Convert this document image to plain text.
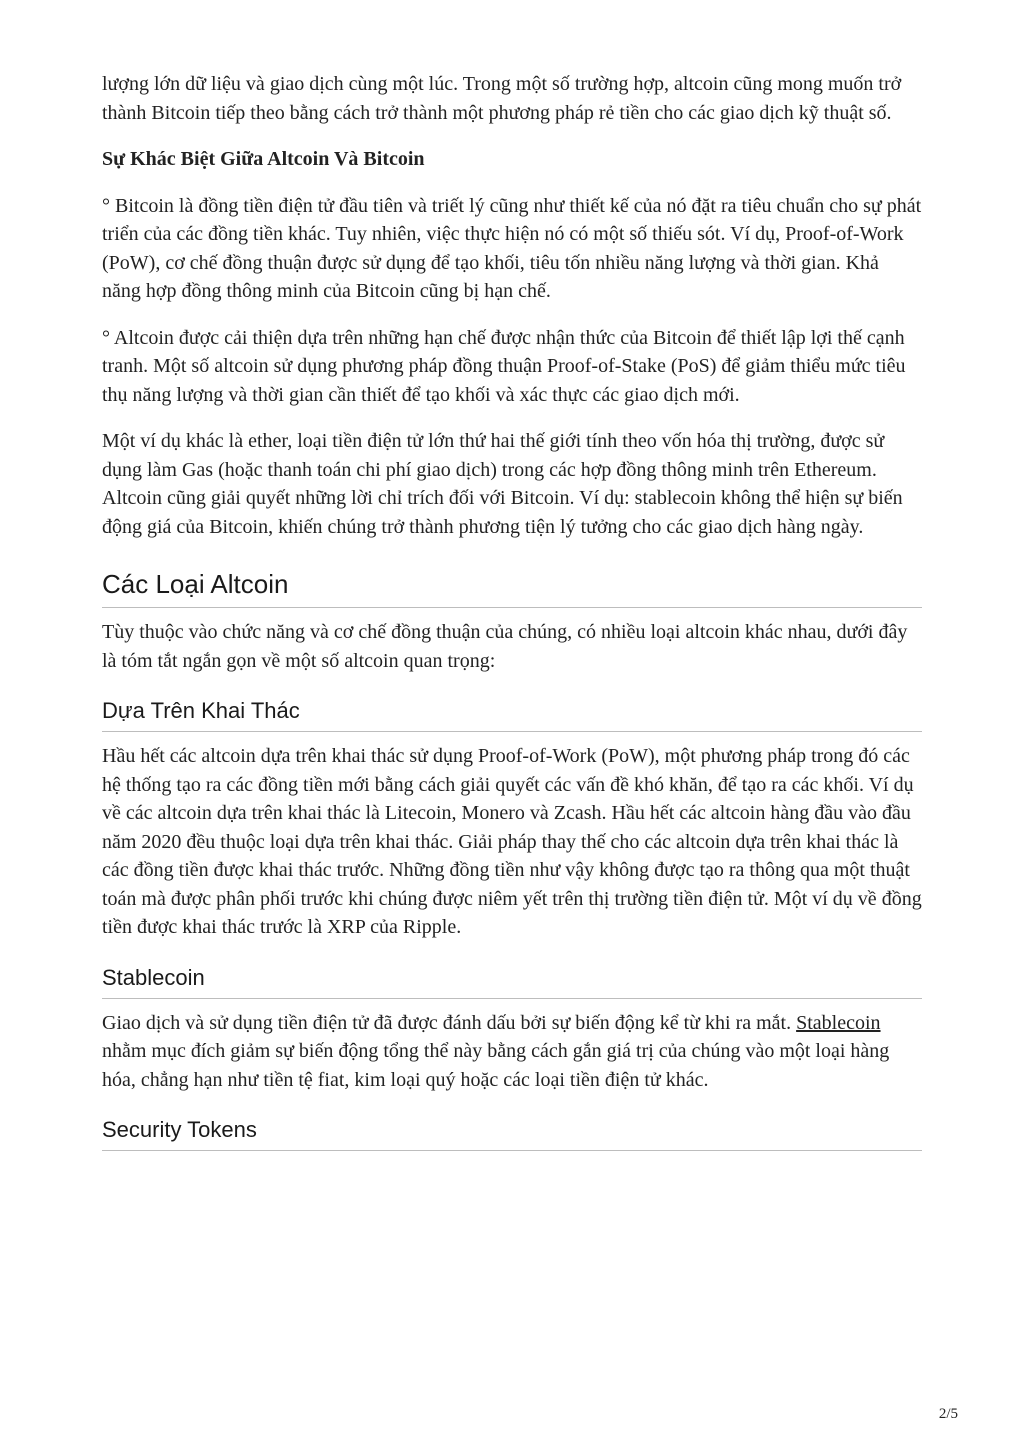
lượng lớn dữ liệu và giao dịch cùng một lúc. Trong một số trường hợp, altcoin cũng mong muốn trở thành Bitcoin tiếp theo bằng cách trở thành một phương pháp rẻ tiền cho các giao dịch kỹ thuật số.

Sự Khác Biệt Giữa Altcoin Và Bitcoin

° Bitcoin là đồng tiền điện tử đầu tiên và triết lý cũng như thiết kế của nó đặt ra tiêu chuẩn cho sự phát triển của các đồng tiền khác. Tuy nhiên, việc thực hiện nó có một số thiếu sót. Ví dụ, Proof-of-Work (PoW), cơ chế đồng thuận được sử dụng để tạo khối, tiêu tốn nhiều năng lượng và thời gian. Khả năng hợp đồng thông minh của Bitcoin cũng bị hạn chế.

° Altcoin được cải thiện dựa trên những hạn chế được nhận thức của Bitcoin để thiết lập lợi thế cạnh tranh. Một số altcoin sử dụng phương pháp đồng thuận Proof-of-Stake (PoS) để giảm thiểu mức tiêu thụ năng lượng và thời gian cần thiết để tạo khối và xác thực các giao dịch mới.

Một ví dụ khác là ether, loại tiền điện tử lớn thứ hai thế giới tính theo vốn hóa thị trường, được sử dụng làm Gas (hoặc thanh toán chi phí giao dịch) trong các hợp đồng thông minh trên Ethereum. Altcoin cũng giải quyết những lời chỉ trích đối với Bitcoin. Ví dụ: stablecoin không thể hiện sự biến động giá của Bitcoin, khiến chúng trở thành phương tiện lý tưởng cho các giao dịch hàng ngày.

Các Loại Altcoin

Tùy thuộc vào chức năng và cơ chế đồng thuận của chúng, có nhiều loại altcoin khác nhau, dưới đây là tóm tắt ngắn gọn về một số altcoin quan trọng:

Dựa Trên Khai Thác

Hầu hết các altcoin dựa trên khai thác sử dụng Proof-of-Work (PoW), một phương pháp trong đó các hệ thống tạo ra các đồng tiền mới bằng cách giải quyết các vấn đề khó khăn, để tạo ra các khối. Ví dụ về các altcoin dựa trên khai thác là Litecoin, Monero và Zcash. Hầu hết các altcoin hàng đầu vào đầu năm 2020 đều thuộc loại dựa trên khai thác. Giải pháp thay thế cho các altcoin dựa trên khai thác là các đồng tiền được khai thác trước. Những đồng tiền như vậy không được tạo ra thông qua một thuật toán mà được phân phối trước khi chúng được niêm yết trên thị trường tiền điện tử. Một ví dụ về đồng tiền được khai thác trước là XRP của Ripple.

Stablecoin

Giao dịch và sử dụng tiền điện tử đã được đánh dấu bởi sự biến động kể từ khi ra mắt. Stablecoin nhằm mục đích giảm sự biến động tổng thể này bằng cách gắn giá trị của chúng vào một loại hàng hóa, chẳng hạn như tiền tệ fiat, kim loại quý hoặc các loại tiền điện tử khác.

Security Tokens
2/5
